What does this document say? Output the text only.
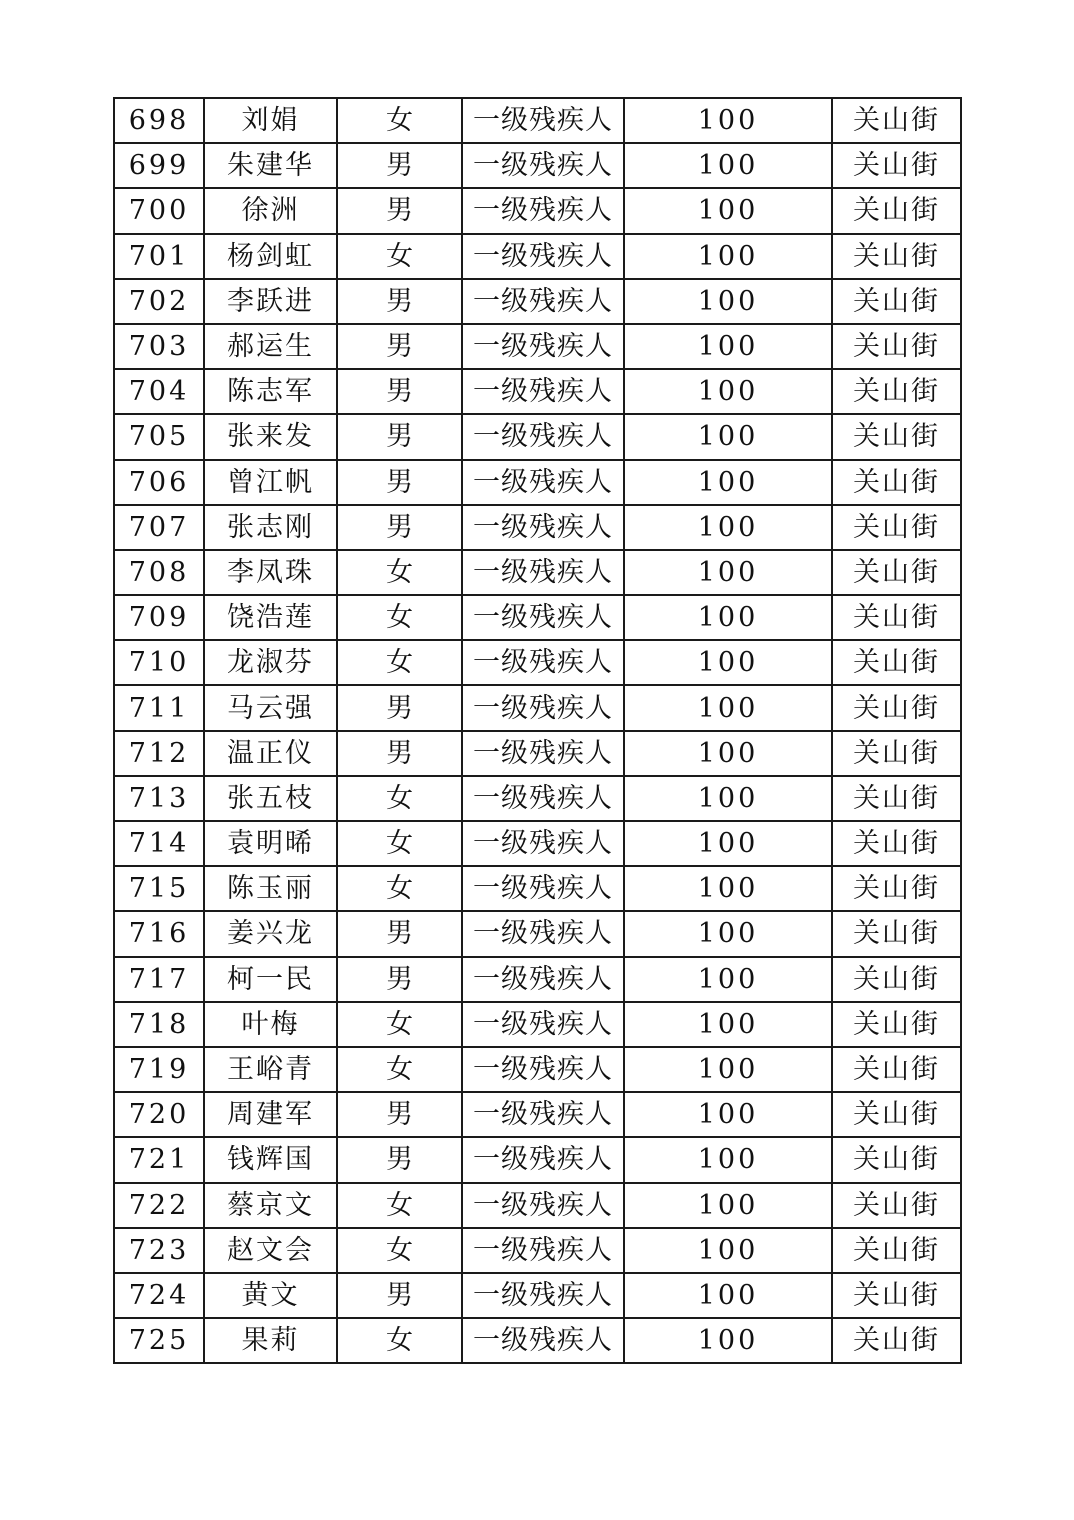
698	刘娟	女	一级残疾人	100	关山街
699	朱建华	男	一级残疾人	100	关山街
700	徐洲	男	一级残疾人	100	关山街
701	杨剑虹	女	一级残疾人	100	关山街
702	李跃进	男	一级残疾人	100	关山街
703	郝运生	男	一级残疾人	100	关山街
704	陈志军	男	一级残疾人	100	关山街
705	张来发	男	一级残疾人	100	关山街
706	曾江帆	男	一级残疾人	100	关山街
707	张志刚	男	一级残疾人	100	关山街
708	李凤珠	女	一级残疾人	100	关山街
709	饶浩莲	女	一级残疾人	100	关山街
710	龙淑芬	女	一级残疾人	100	关山街
711	马云强	男	一级残疾人	100	关山街
712	温正仪	男	一级残疾人	100	关山街
713	张五枝	女	一级残疾人	100	关山街
714	袁明晞	女	一级残疾人	100	关山街
715	陈玉丽	女	一级残疾人	100	关山街
716	姜兴龙	男	一级残疾人	100	关山街
717	柯一民	男	一级残疾人	100	关山街
718	叶梅	女	一级残疾人	100	关山街
719	王峪青	女	一级残疾人	100	关山街
720	周建军	男	一级残疾人	100	关山街
721	钱辉国	男	一级残疾人	100	关山街
722	蔡京文	女	一级残疾人	100	关山街
723	赵文会	女	一级残疾人	100	关山街
724	黄文	男	一级残疾人	100	关山街
725	果莉	女	一级残疾人	100	关山街
